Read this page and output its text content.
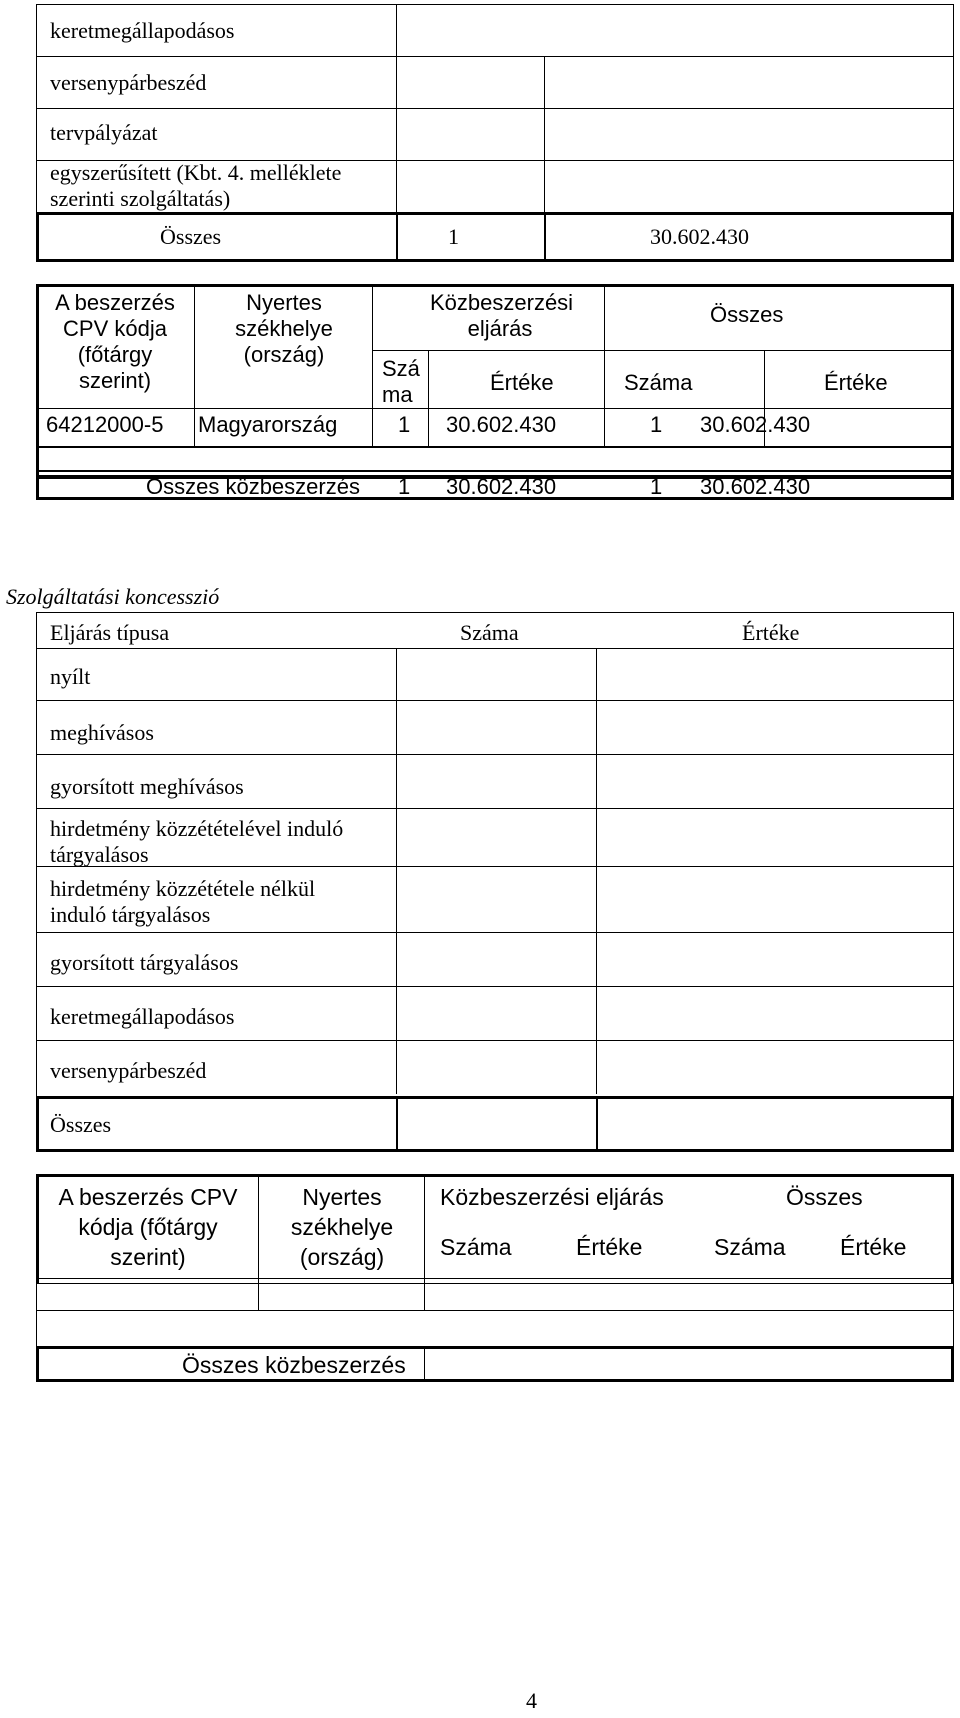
keretmegállapodásos
versenypárbeszéd
tervpályázat
egyszerűsített (Kbt. 4. melléklete szerinti szolgáltatás)
Összes	1	30.602.430
A beszerzés CPV kódja (főtárgy szerint)
Nyertes székhelye (ország)
Közbeszerzési eljárás
Összes
Szá ma	Értéke	Száma	Értéke
64212000-5 Magyarország	1 30.602.430	1 30.602.430
Összes közbeszerzés 1 30.602.430	1 30.602.430
Szolgáltatási koncesszió
Eljárás típusa	Száma	Értéke
nyílt
meghívásos
gyorsított meghívásos
hirdetmény közzétételével induló tárgyalásos
hirdetmény közzététele nélkül induló tárgyalásos
gyorsított tárgyalásos
keretmegállapodásos
versenypárbeszéd
Összes
A beszerzés CPV kódja (főtárgy szerint)
Nyertes székhelye (ország)
Közbeszerzési eljárás	Összes
Száma	Értéke	Száma Értéke
Összes közbeszerzés
4
